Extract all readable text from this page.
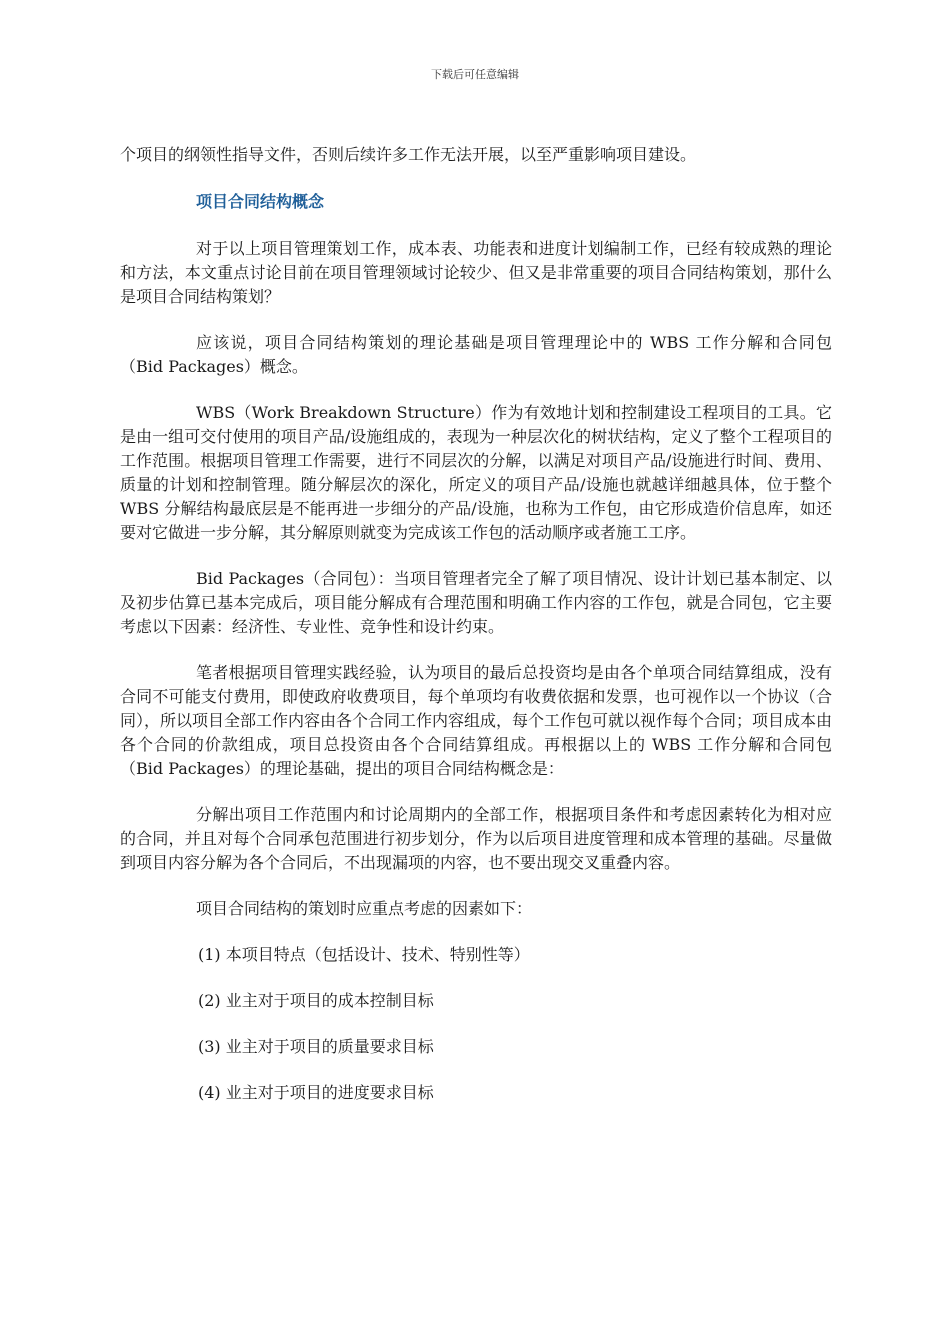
下载后可任意编辑

个项目的纲领性指导文件，否则后续许多工作无法开展，以至严重影响项目建设。

项目合同结构概念

对于以上项目管理策划工作，成本表、功能表和进度计划编制工作，已经有较成熟的理论和方法，本文重点讨论目前在项目管理领域讨论较少、但又是非常重要的项目合同结构策划，那什么是项目合同结构策划？

应该说，项目合同结构策划的理论基础是项目管理理论中的 WBS 工作分解和合同包（Bid Packages）概念。

WBS（Work Breakdown Structure）作为有效地计划和控制建设工程项目的工具。它是由一组可交付使用的项目产品/设施组成的，表现为一种层次化的树状结构，定义了整个工程项目的工作范围。根据项目管理工作需要，进行不同层次的分解，以满足对项目产品/设施进行时间、费用、质量的计划和控制管理。随分解层次的深化，所定义的项目产品/设施也就越详细越具体，位于整个 WBS 分解结构最底层是不能再进一步细分的产品/设施，也称为工作包，由它形成造价信息库，如还要对它做进一步分解，其分解原则就变为完成该工作包的活动顺序或者施工工序。

Bid Packages（合同包）：当项目管理者完全了解了项目情况、设计计划已基本制定、以及初步估算已基本完成后，项目能分解成有合理范围和明确工作内容的工作包，就是合同包，它主要考虑以下因素：经济性、专业性、竞争性和设计约束。

笔者根据项目管理实践经验，认为项目的最后总投资均是由各个单项合同结算组成，没有合同不可能支付费用，即使政府收费项目，每个单项均有收费依据和发票，也可视作以一个协议（合同），所以项目全部工作内容由各个合同工作内容组成，每个工作包可就以视作每个合同；项目成本由各个合同的价款组成，项目总投资由各个合同结算组成。再根据以上的 WBS 工作分解和合同包（Bid Packages）的理论基础，提出的项目合同结构概念是：

分解出项目工作范围内和讨论周期内的全部工作，根据项目条件和考虑因素转化为相对应的合同，并且对每个合同承包范围进行初步划分，作为以后项目进度管理和成本管理的基础。尽量做到项目内容分解为各个合同后，不出现漏项的内容，也不要出现交叉重叠内容。

项目合同结构的策划时应重点考虑的因素如下：

(1) 本项目特点（包括设计、技术、特别性等）
(2) 业主对于项目的成本控制目标
(3) 业主对于项目的质量要求目标
(4) 业主对于项目的进度要求目标
